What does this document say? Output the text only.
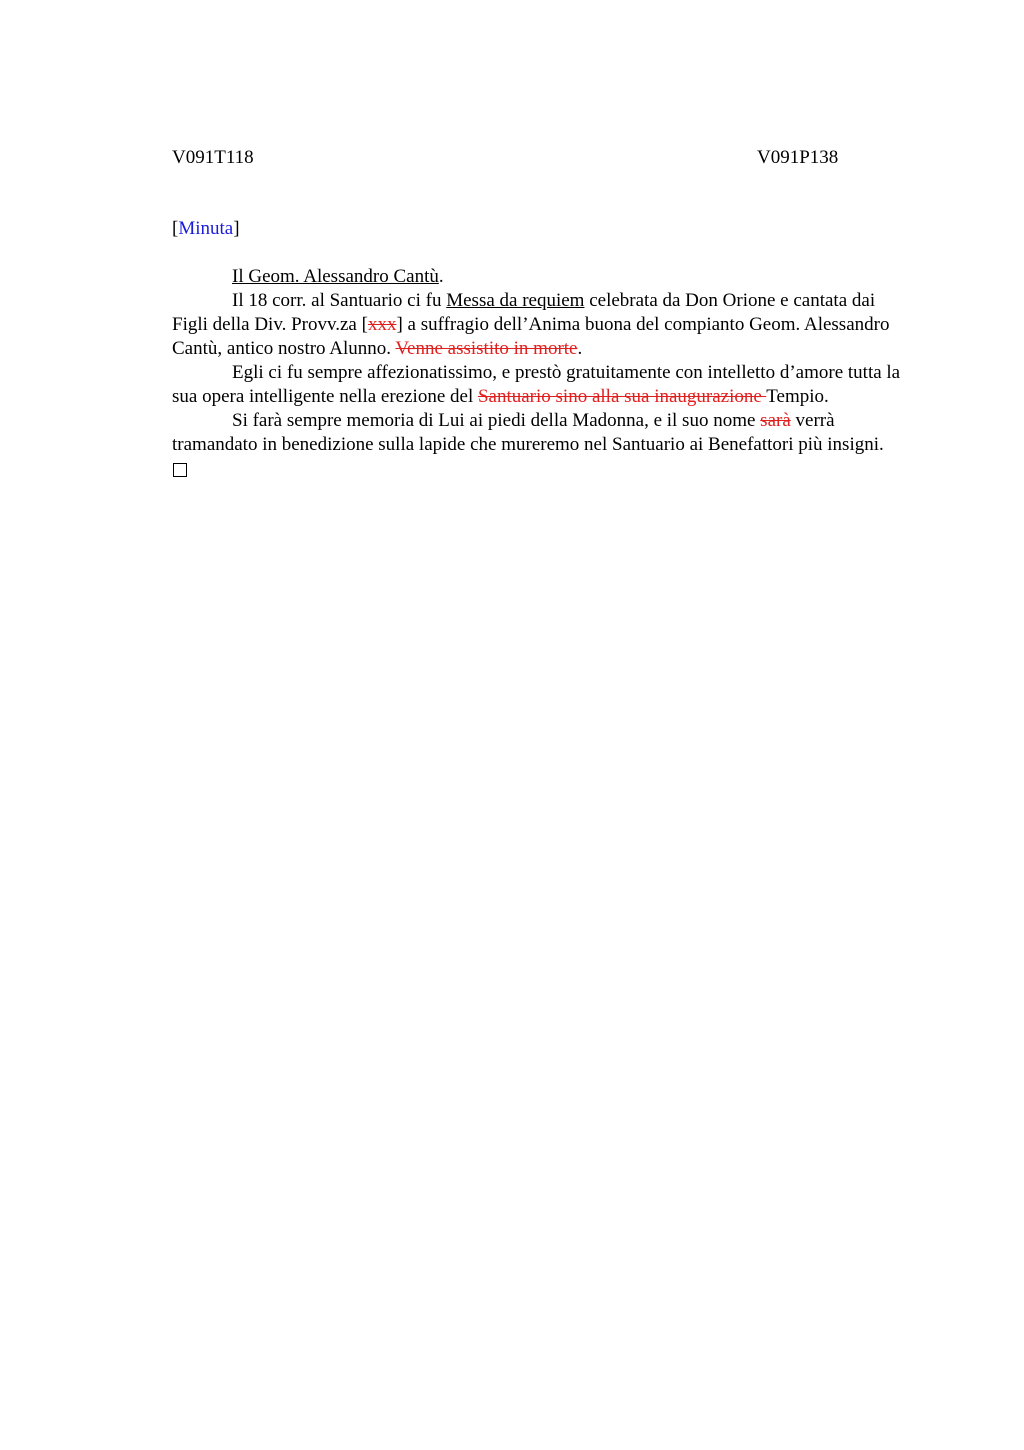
V091T118	V091P138
[Minuta]

Il Geom. Alessandro Cantù.

Il 18 corr. al Santuario ci fu Messa da requiem celebrata da Don Orione e cantata dai Figli della Div. Provv.za [xxx] a suffragio dell’Anima buona del compianto Geom. Alessandro Cantù, antico nostro Alunno. Venne assistito in morte.

Egli ci fu sempre affezionatissimo, e prestò gratuitamente con intelletto d’amore tutta la sua opera intelligente nella erezione del Santuario sino alla sua inaugurazione Tempio.

Si farà sempre memoria di Lui ai piedi della Madonna, e il suo nome sarà verrà tramandato in benedizione sulla lapide che mureremo nel Santuario ai Benefattori più insigni.
